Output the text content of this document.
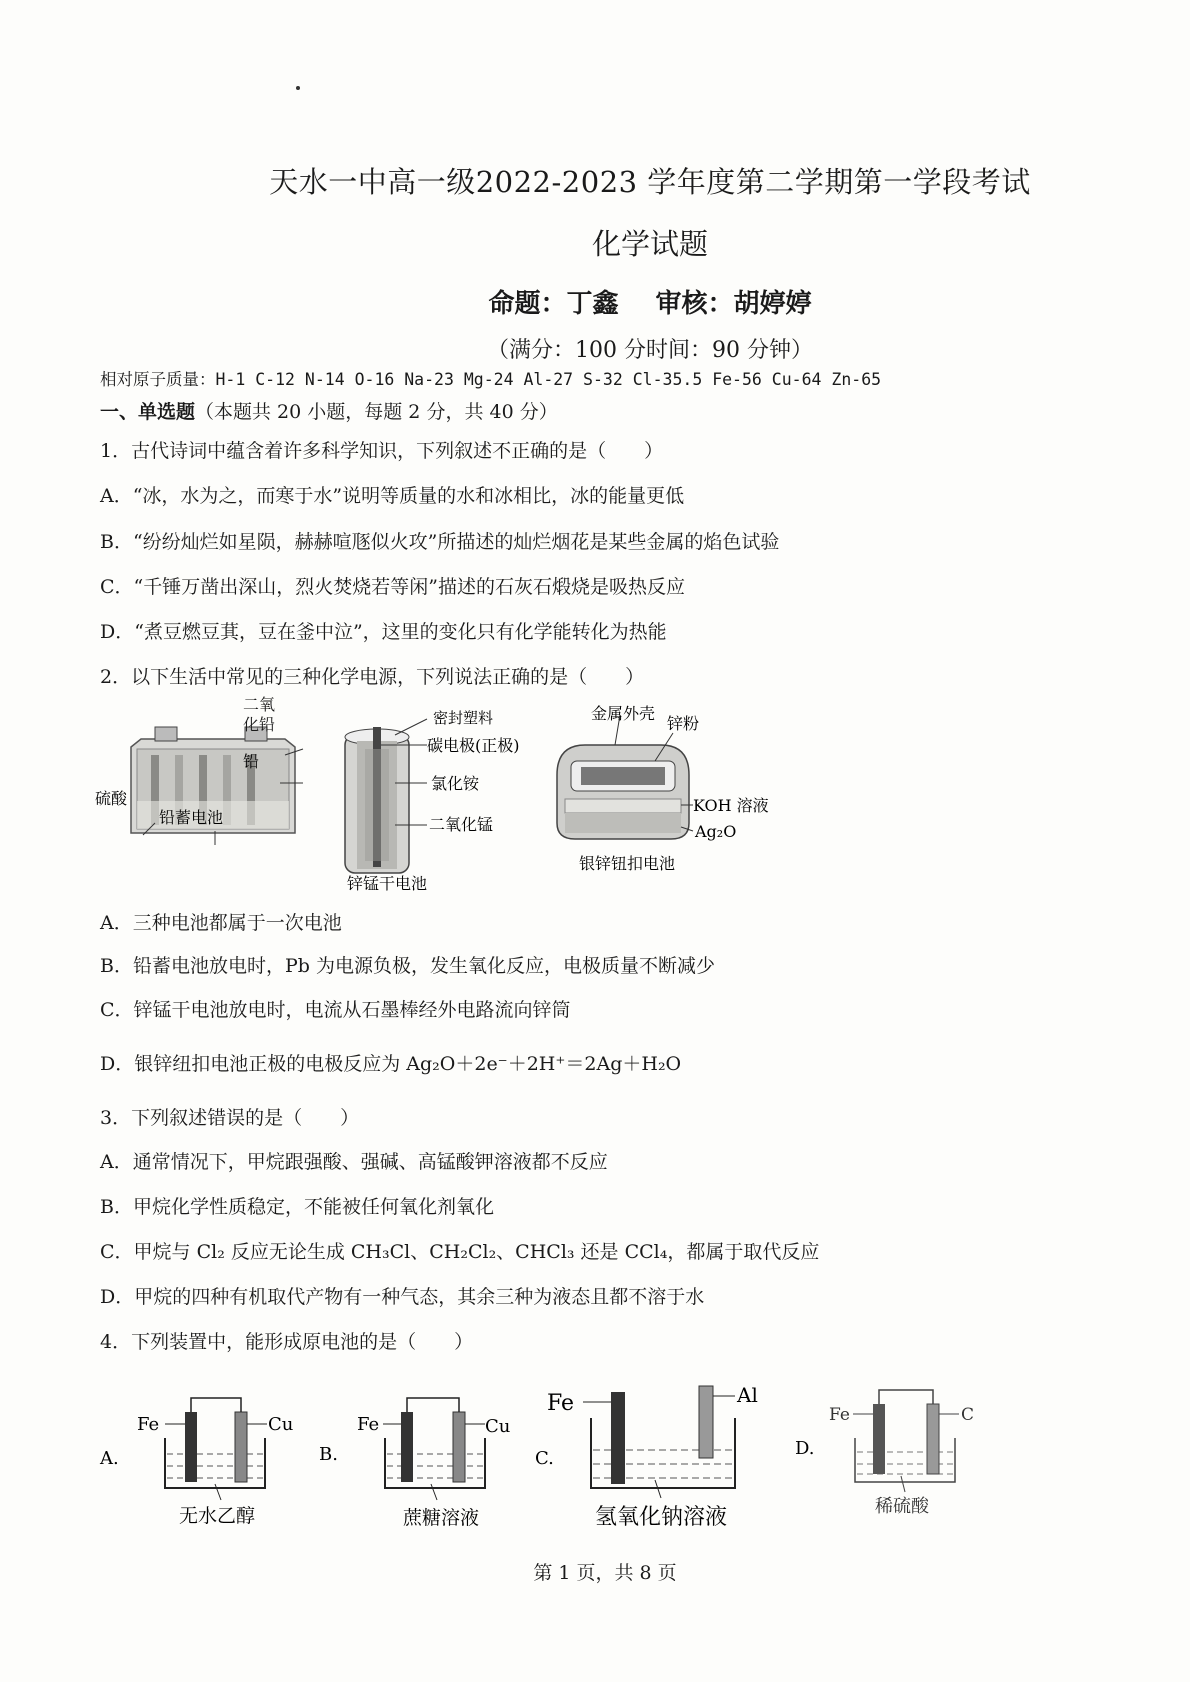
天水一中高一级2022-2023 学年度第二学期第一学段考试
化学试题
命题：丁鑫 审核：胡婷婷
（满分：100 分时间：90 分钟）
相对原子质量：H-1 C-12 N-14 O-16 Na-23 Mg-24 Al-27 S-32 Cl-35.5 Fe-56 Cu-64 Zn-65
一、单选题（本题共 20 小题，每题 2 分，共 40 分）
1．古代诗词中蕴含着许多科学知识，下列叙述不正确的是（　　）
A．“冰，水为之，而寒于水”说明等质量的水和冰相比，冰的能量更低
B．“纷纷灿烂如星陨，赫赫喧豗似火攻”所描述的灿烂烟花是某些金属的焰色试验
C．“千锤万凿出深山，烈火焚烧若等闲”描述的石灰石煅烧是吸热反应
D．“煮豆燃豆萁，豆在釜中泣”，这里的变化只有化学能转化为热能
2．以下生活中常见的三种化学电源，下列说法正确的是（　　）
二氧化铅
铅
硫酸
铅蓄电池
密封塑料
碳电极(正极)
氯化铵
二氧化锰
锌锰干电池
金属外壳
锌粉
KOH 溶液
Ag₂O
银锌钮扣电池
A．三种电池都属于一次电池
B．铅蓄电池放电时，Pb 为电源负极，发生氧化反应，电极质量不断减少
C．锌锰干电池放电时，电流从石墨棒经外电路流向锌筒
D．银锌纽扣电池正极的电极反应为 Ag₂O＋2e⁻＋2H⁺＝2Ag＋H₂O
3．下列叙述错误的是（　　）
A．通常情况下，甲烷跟强酸、强碱、高锰酸钾溶液都不反应
B．甲烷化学性质稳定，不能被任何氧化剂氧化
C．甲烷与 Cl₂ 反应无论生成 CH₃Cl、CH₂Cl₂、CHCl₃ 还是 CCl₄，都属于取代反应
D．甲烷的四种有机取代产物有一种气态，其余三种为液态且都不溶于水
4．下列装置中，能形成原电池的是（　　）
A.
Fe	Cu
无水乙醇
B.
Fe	Cu
蔗糖溶液
C.
Fe	Al
氢氧化钠溶液
D.
Fe	C
稀硫酸
第 1 页，共 8 页
